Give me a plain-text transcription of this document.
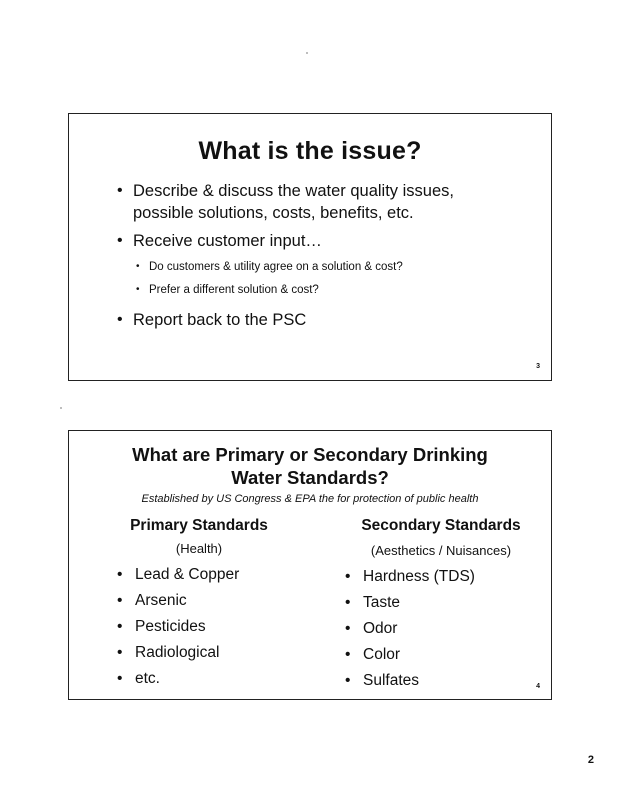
What is the issue?
• Describe & discuss the water quality issues,
possible solutions, costs, benefits, etc.
• Receive customer input…
• Do customers & utility agree on a solution & cost?
• Prefer a different solution & cost?
• Report back to the PSC
3
What are Primary or Secondary Drinking
Water Standards?
Established by US Congress & EPA the for protection of public health
Primary Standards
(Health)
Secondary Standards
(Aesthetics / Nuisances)
• Lead & Copper
• Arsenic
• Pesticides
• Radiological
• etc.
• Hardness (TDS)
• Taste
• Odor
• Color
• Sulfates	4
2
